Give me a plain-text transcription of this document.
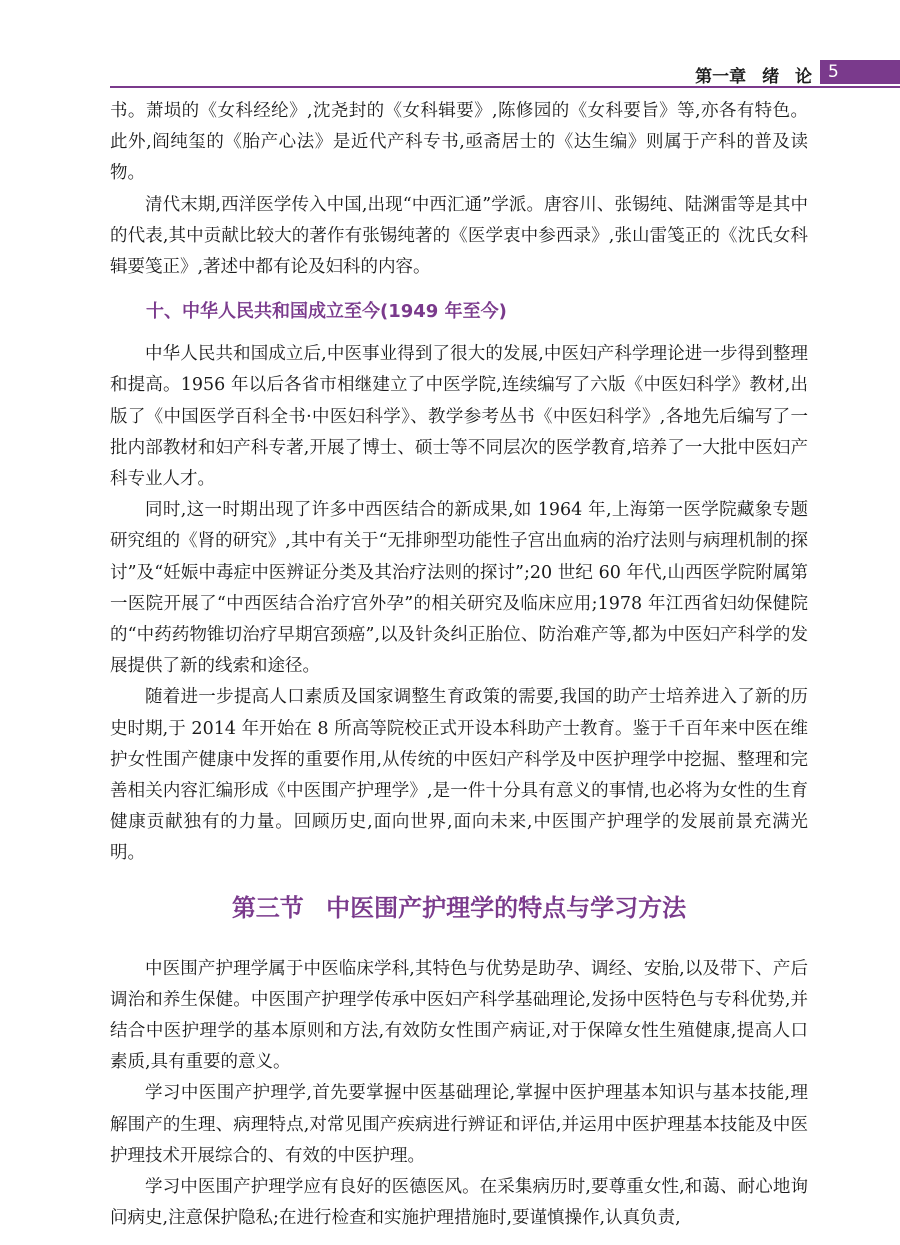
第一章 绪 论 5

书。萧埙的《女科经纶》,沈尧封的《女科辑要》,陈修园的《女科要旨》等,亦各有特色。此外,阎纯玺的《胎产心法》是近代产科专书,亟斋居士的《达生编》则属于产科的普及读物。

清代末期,西洋医学传入中国,出现“中西汇通”学派。唐容川、张锡纯、陆渊雷等是其中的代表,其中贡献比较大的著作有张锡纯著的《医学衷中参西录》,张山雷笺正的《沈氏女科辑要笺正》,著述中都有论及妇科的内容。

十、中华人民共和国成立至今(1949 年至今)

中华人民共和国成立后,中医事业得到了很大的发展,中医妇产科学理论进一步得到整理和提高。1956 年以后各省市相继建立了中医学院,连续编写了六版《中医妇科学》教材,出版了《中国医学百科全书·中医妇科学》、教学参考丛书《中医妇科学》,各地先后编写了一批内部教材和妇产科专著,开展了博士、硕士等不同层次的医学教育,培养了一大批中医妇产科专业人才。

同时,这一时期出现了许多中西医结合的新成果,如 1964 年,上海第一医学院藏象专题研究组的《肾的研究》,其中有关于“无排卵型功能性子宫出血病的治疗法则与病理机制的探讨”及“妊娠中毒症中医辨证分类及其治疗法则的探讨”;20 世纪 60 年代,山西医学院附属第一医院开展了“中西医结合治疗宫外孕”的相关研究及临床应用;1978 年江西省妇幼保健院的“中药药物锥切治疗早期宫颈癌”,以及针灸纠正胎位、防治难产等,都为中医妇产科学的发展提供了新的线索和途径。

随着进一步提高人口素质及国家调整生育政策的需要,我国的助产士培养进入了新的历史时期,于 2014 年开始在 8 所高等院校正式开设本科助产士教育。鉴于千百年来中医在维护女性围产健康中发挥的重要作用,从传统的中医妇产科学及中医护理学中挖掘、整理和完善相关内容汇编形成《中医围产护理学》,是一件十分具有意义的事情,也必将为女性的生育健康贡献独有的力量。回顾历史,面向世界,面向未来,中医围产护理学的发展前景充满光明。

第三节 中医围产护理学的特点与学习方法

中医围产护理学属于中医临床学科,其特色与优势是助孕、调经、安胎,以及带下、产后调治和养生保健。中医围产护理学传承中医妇产科学基础理论,发扬中医特色与专科优势,并结合中医护理学的基本原则和方法,有效防女性围产病证,对于保障女性生殖健康,提高人口素质,具有重要的意义。

学习中医围产护理学,首先要掌握中医基础理论,掌握中医护理基本知识与基本技能,理解围产的生理、病理特点,对常见围产疾病进行辨证和评估,并运用中医护理基本技能及中医护理技术开展综合的、有效的中医护理。

学习中医围产护理学应有良好的医德医风。在采集病历时,要尊重女性,和蔼、耐心地询问病史,注意保护隐私;在进行检查和实施护理措施时,要谨慎操作,认真负责,
